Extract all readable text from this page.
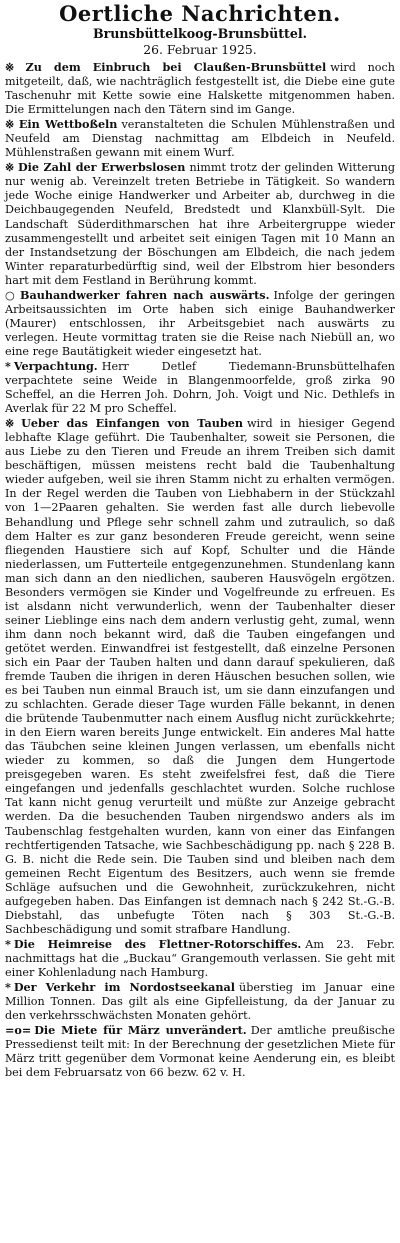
Oertliche Nachrichten.
Brunsbüttelkoog-Brunsbüttel.
26. Februar 1925.

※ Zu dem Einbruch bei Claußen-Brunsbüttel wird noch mitgeteilt, daß, wie nachträglich festgestellt ist, die Diebe eine gute Taschenuhr mit Kette sowie eine Halskette mitgenommen haben. Die Ermittelungen nach den Tätern sind im Gange.

※ Ein Wettboßeln veranstalteten die Schulen Mühlenstraßen und Neufeld am Dienstag nachmittag am Elbdeich in Neufeld. Mühlenstraßen gewann mit einem Wurf.

※ Die Zahl der Erwerbslosen nimmt trotz der gelinden Witterung nur wenig ab. Vereinzelt treten Betriebe in Tätigkeit. So wandern jede Woche einige Handwerker und Arbeiter ab, durchweg in die Deichbaugegenden Neufeld, Bredstedt und Klanxbüll-Sylt. Die Landschaft Süderdithmarschen hat ihre Arbeitergruppe wieder zusammengestellt und arbeitet seit einigen Tagen mit 10 Mann an der Instandsetzung der Böschungen am Elbdeich, die nach jedem Winter reparaturbedürftig sind, weil der Elbstrom hier besonders hart mit dem Festland in Berührung kommt.

○ Bauhandwerker fahren nach auswärts. Infolge der geringen Arbeitsaussichten im Orte haben sich einige Bauhandwerker (Maurer) entschlossen, ihr Arbeitsgebiet nach auswärts zu verlegen. Heute vormittag traten sie die Reise nach Niebüll an, wo eine rege Bautätigkeit wieder eingesetzt hat.

* Verpachtung. Herr Detlef Tiedemann-Brunsbüttelhafen verpachtete seine Weide in Blangenmoorfelde, groß zirka 90 Scheffel, an die Herren Joh. Dohrn, Joh. Voigt und Nic. Dethlefs in Averlak für 22 M pro Scheffel.

※ Ueber das Einfangen von Tauben wird in hiesiger Gegend lebhafte Klage geführt. Die Taubenhalter, soweit sie Personen, die aus Liebe zu den Tieren und Freude an ihrem Treiben sich damit beschäftigen, müssen meistens recht bald die Taubenhaltung wieder aufgeben, weil sie ihren Stamm nicht zu erhalten vermögen. In der Regel werden die Tauben von Liebhabern in der Stückzahl von 1—2Paaren gehalten. Sie werden fast alle durch liebevolle Behandlung und Pflege sehr schnell zahm und zutraulich, so daß dem Halter es zur ganz besonderen Freude gereicht, wenn seine fliegenden Haustiere sich auf Kopf, Schulter und die Hände niederlassen, um Futterteile entgegenzunehmen. Stundenlang kann man sich dann an den niedlichen, sauberen Hausvögeln ergötzen. Besonders vermögen sie Kinder und Vogelfreunde zu erfreuen. Es ist alsdann nicht verwunderlich, wenn der Taubenhalter dieser seiner Lieblinge eins nach dem andern verlustig geht, zumal, wenn ihm dann noch bekannt wird, daß die Tauben eingefangen und getötet werden. Einwandfrei ist festgestellt, daß einzelne Personen sich ein Paar der Tauben halten und dann darauf spekulieren, daß fremde Tauben die ihrigen in deren Häuschen besuchen sollen, wie es bei Tauben nun einmal Brauch ist, um sie dann einzufangen und zu schlachten. Gerade dieser Tage wurden Fälle bekannt, in denen die brütende Taubenmutter nach einem Ausflug nicht zurückkehrte; in den Eiern waren bereits Junge entwickelt. Ein anderes Mal hatte das Täubchen seine kleinen Jungen verlassen, um ebenfalls nicht wieder zu kommen, so daß die Jungen dem Hungertode preisgegeben waren. Es steht zweifelsfrei fest, daß die Tiere eingefangen und jedenfalls geschlachtet wurden. Solche ruchlose Tat kann nicht genug verurteilt und müßte zur Anzeige gebracht werden. Da die besuchenden Tauben nirgendswo anders als im Taubenschlag festgehalten wurden, kann von einer das Einfangen rechtfertigenden Tatsache, wie Sachbeschädigung pp. nach § 228 B. G. B. nicht die Rede sein. Die Tauben sind und bleiben nach dem gemeinen Recht Eigentum des Besitzers, auch wenn sie fremde Schläge aufsuchen und die Gewohnheit, zurückzukehren, nicht aufgegeben haben. Das Einfangen ist demnach nach § 242 St.-G.-B. Diebstahl, das unbefugte Töten nach § 303 St.-G.-B. Sachbeschädigung und somit strafbare Handlung.

* Die Heimreise des Flettner-Rotorschiffes. Am 23. Febr. nachmittags hat die „Buckau“ Grangemouth verlassen. Sie geht mit einer Kohlenladung nach Hamburg.

* Der Verkehr im Nordostseekanal überstieg im Januar eine Million Tonnen. Das gilt als eine Gipfelleistung, da der Januar zu den verkehrsschwächsten Monaten gehört.

=o= Die Miete für März unverändert. Der amtliche preußische Pressedienst teilt mit: In der Berechnung der gesetzlichen Miete für März tritt gegenüber dem Vormonat keine Aenderung ein, es bleibt bei dem Februarsatz von 66 bezw. 62 v. H.
